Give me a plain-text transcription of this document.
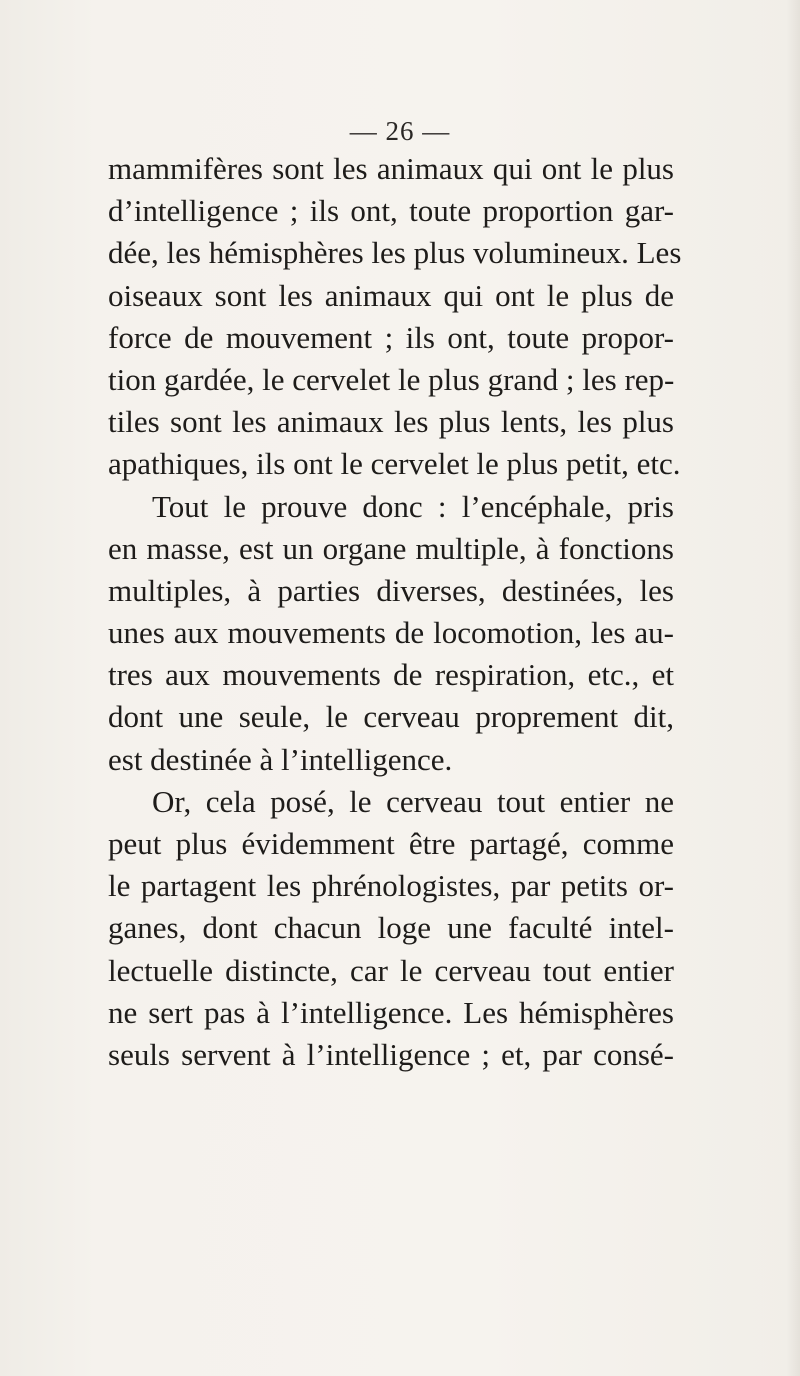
— 26 —
mammifères sont les animaux qui ont le plus
d’intelligence ; ils ont, toute proportion gar-
dée, les hémisphères les plus volumineux. Les
oiseaux sont les animaux qui ont le plus de
force de mouvement ; ils ont, toute propor-
tion gardée, le cervelet le plus grand ; les rep-
tiles sont les animaux les plus lents, les plus
apathiques, ils ont le cervelet le plus petit, etc.
Tout le prouve donc : l’encéphale, pris
en masse, est un organe multiple, à fonctions
multiples, à parties diverses, destinées, les
unes aux mouvements de locomotion, les au-
tres aux mouvements de respiration, etc., et
dont une seule, le cerveau proprement dit,
est destinée à l’intelligence.
Or, cela posé, le cerveau tout entier ne
peut plus évidemment être partagé, comme
le partagent les phrénologistes, par petits or-
ganes, dont chacun loge une faculté intel-
lectuelle distincte, car le cerveau tout entier
ne sert pas à l’intelligence. Les hémisphères
seuls servent à l’intelligence ; et, par consé-
